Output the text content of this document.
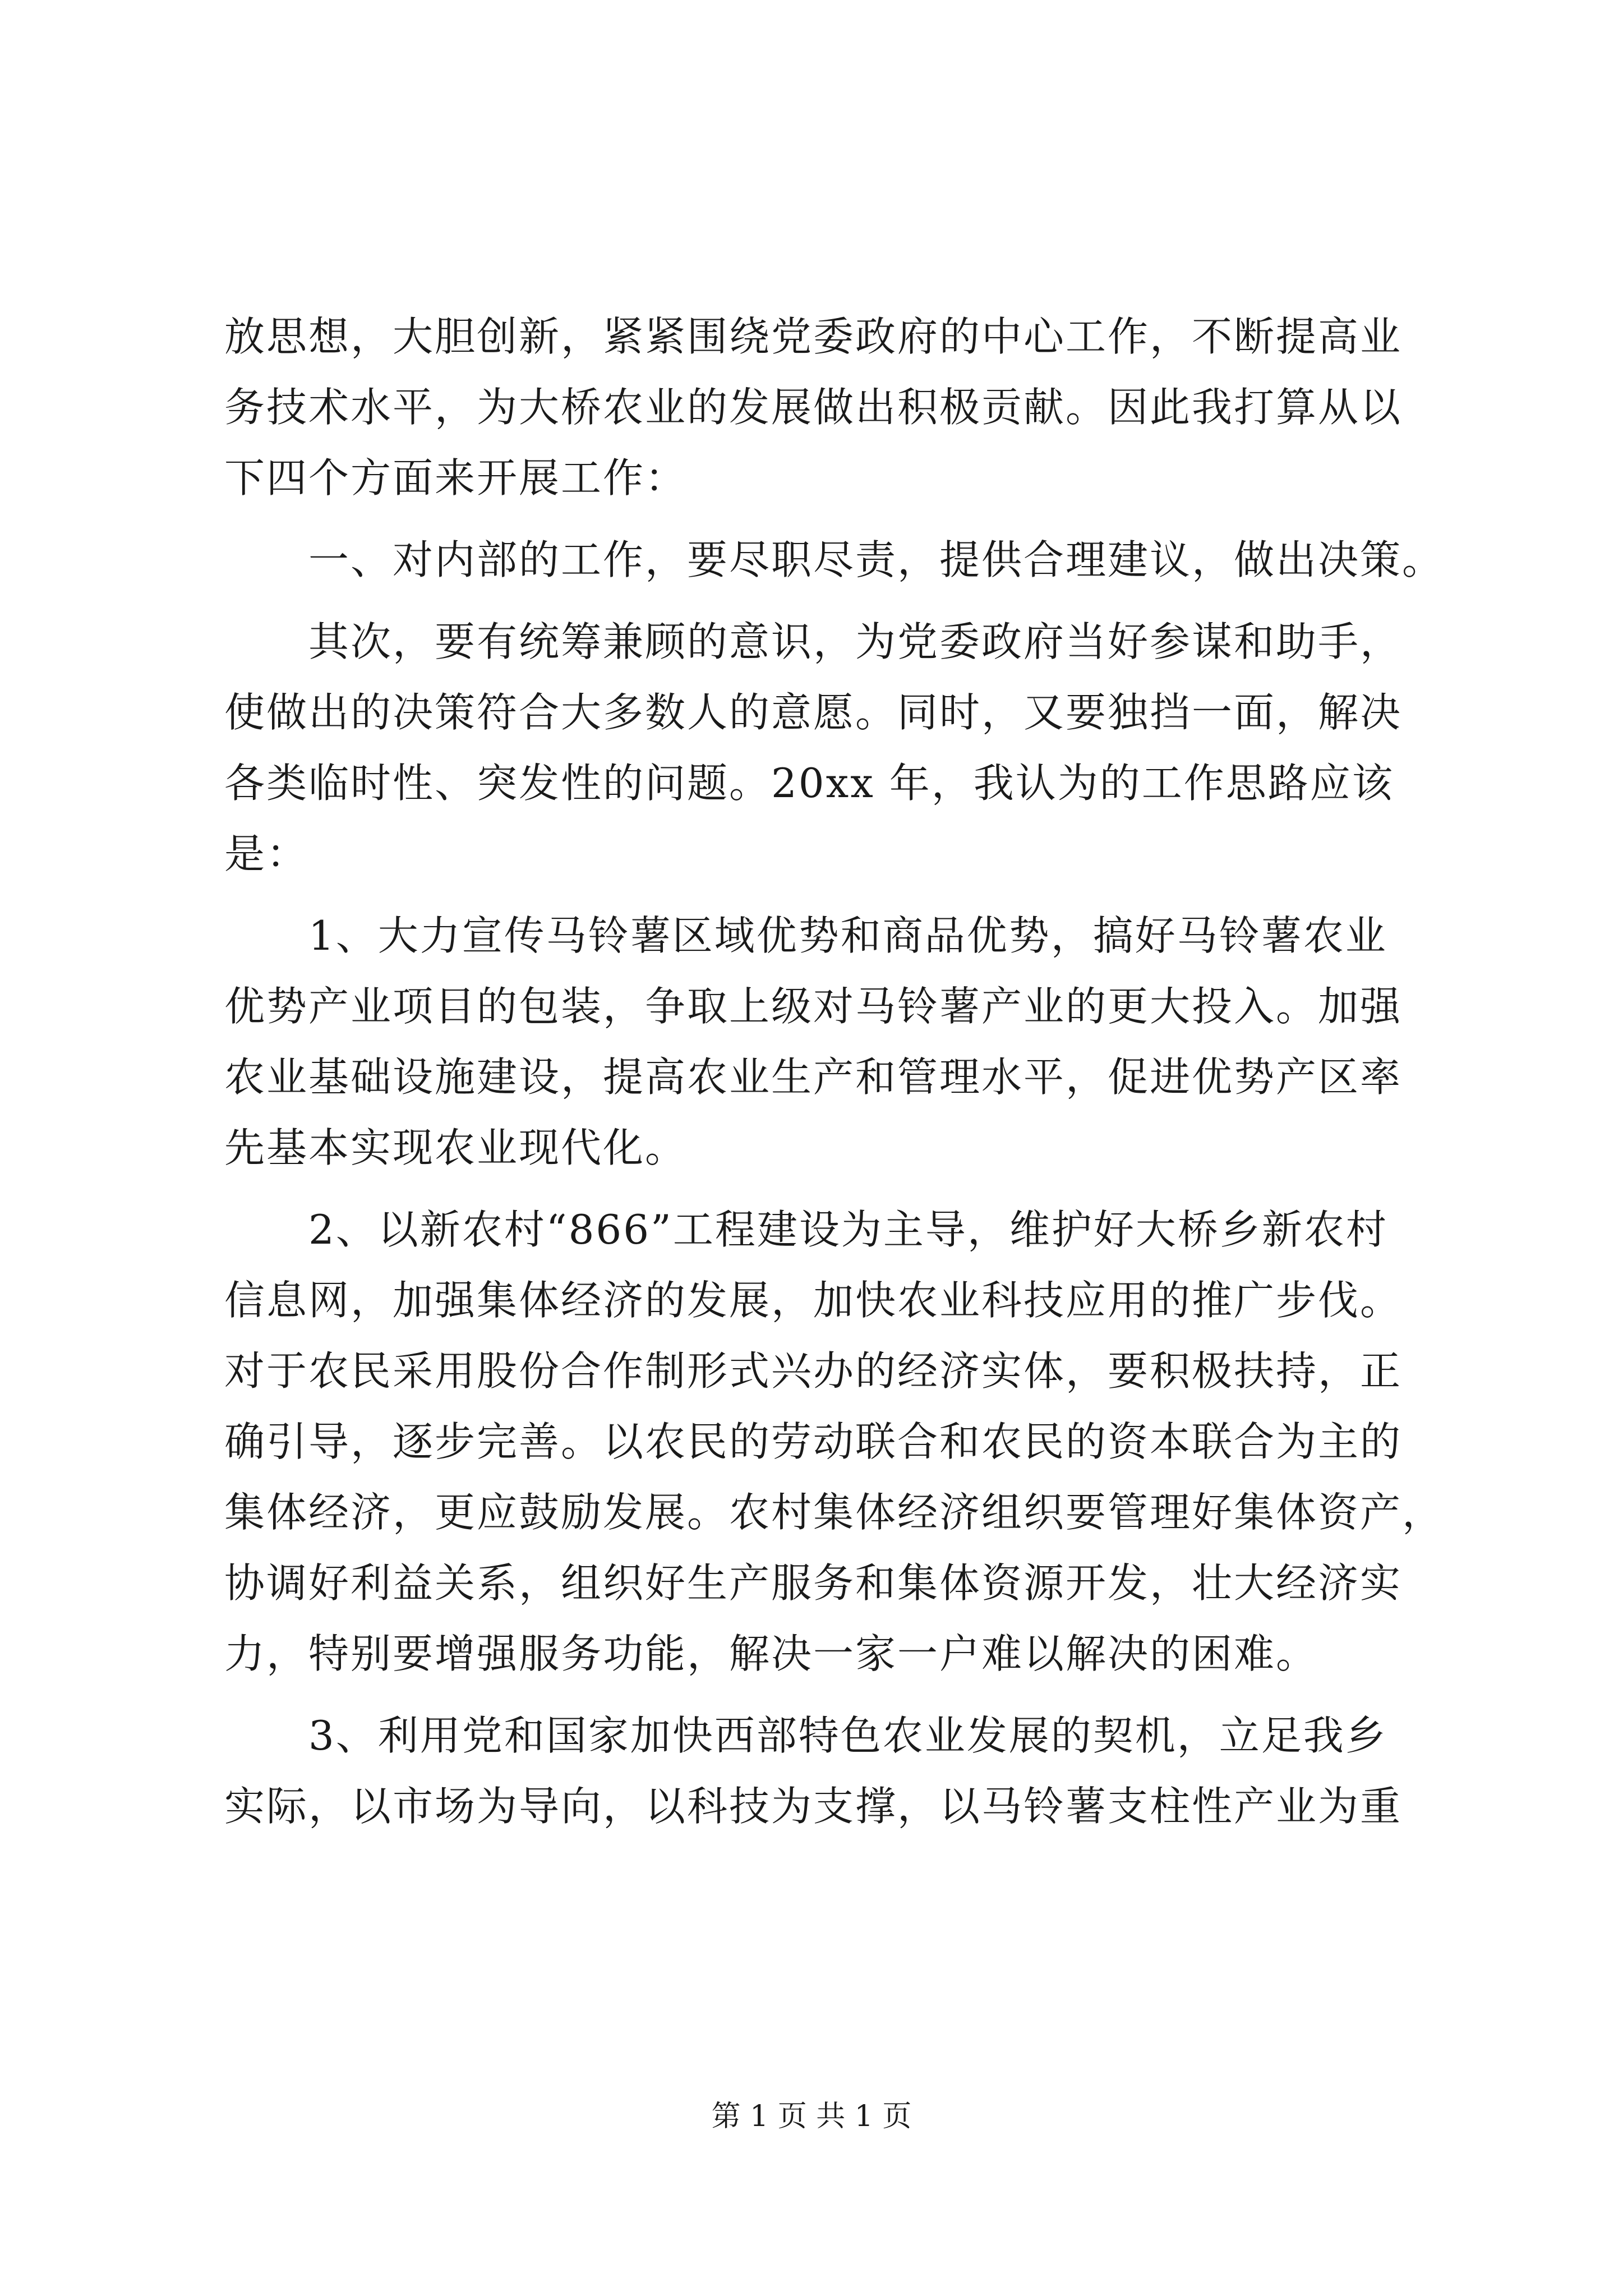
放思想，大胆创新，紧紧围绕党委政府的中心工作，不断提高业
务技术水平，为大桥农业的发展做出积极贡献。因此我打算从以
下四个方面来开展工作：
　　一、对内部的工作，要尽职尽责，提供合理建议，做出决策。
　　其次，要有统筹兼顾的意识，为党委政府当好参谋和助手，
使做出的决策符合大多数人的意愿。同时，又要独挡一面，解决
各类临时性、突发性的问题。20xx 年，我认为的工作思路应该
是：
　　1、大力宣传马铃薯区域优势和商品优势，搞好马铃薯农业
优势产业项目的包装，争取上级对马铃薯产业的更大投入。加强
农业基础设施建设，提高农业生产和管理水平，促进优势产区率
先基本实现农业现代化。
　　2、以新农村“866”工程建设为主导，维护好大桥乡新农村
信息网，加强集体经济的发展，加快农业科技应用的推广步伐。
对于农民采用股份合作制形式兴办的经济实体，要积极扶持，正
确引导，逐步完善。以农民的劳动联合和农民的资本联合为主的
集体经济，更应鼓励发展。农村集体经济组织要管理好集体资产，
协调好利益关系，组织好生产服务和集体资源开发，壮大经济实
力，特别要增强服务功能，解决一家一户难以解决的困难。
　　3、利用党和国家加快西部特色农业发展的契机，立足我乡
实际，以市场为导向，以科技为支撑，以马铃薯支柱性产业为重
第 1 页 共 1 页
